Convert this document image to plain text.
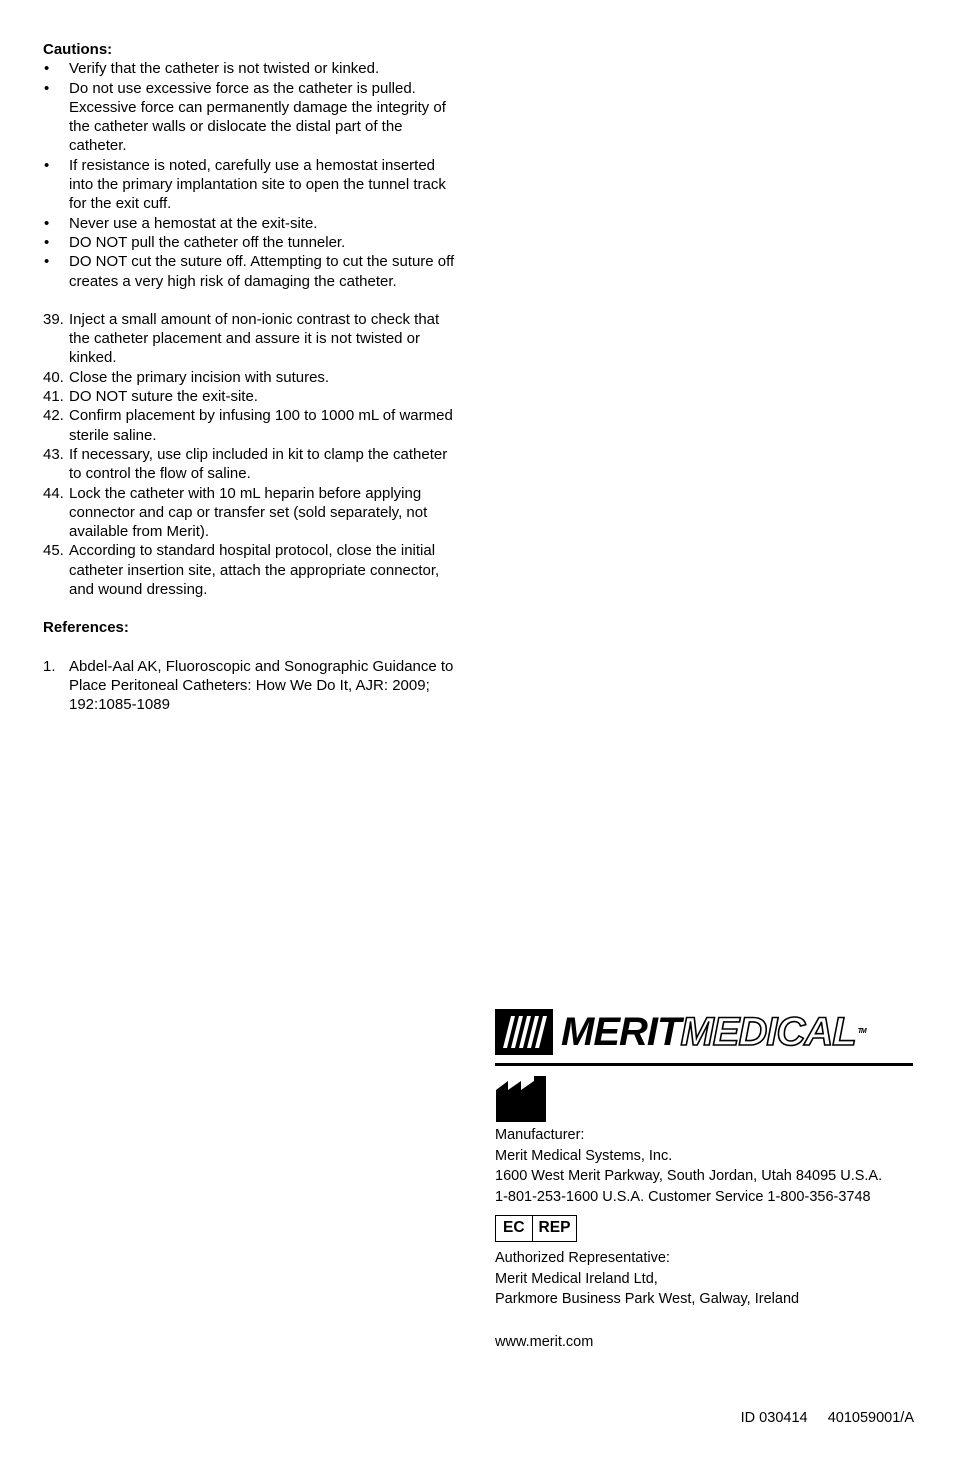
Cautions:

• Verify that the catheter is not twisted or kinked.
• Do not use excessive force as the catheter is pulled. Excessive force can permanently damage the integrity of the catheter walls or dislocate the distal part of the catheter.
• If resistance is noted, carefully use a hemostat inserted into the primary implantation site to open the tunnel track for the exit cuff.
• Never use a hemostat at the exit-site.
• DO NOT pull the catheter off the tunneler.
• DO NOT cut the suture off. Attempting to cut the suture off creates a very high risk of damaging the catheter.
39. Inject a small amount of non-ionic contrast to check that the catheter placement and assure it is not twisted or kinked.
40. Close the primary incision with sutures.
41. DO NOT suture the exit-site.
42. Confirm placement by infusing 100 to 1000 mL of warmed sterile saline.
43. If necessary, use clip included in kit to clamp the catheter to control the flow of saline.
44. Lock the catheter with 10 mL heparin before applying connector and cap or transfer set (sold separately, not available from Merit).
45. According to standard hospital protocol, close the initial catheter insertion site, attach the appropriate connector, and wound dressing.

References:

1. Abdel-Aal AK, Fluoroscopic and Sonographic Guidance to Place Peritoneal Catheters: How We Do It, AJR: 2009; 192:1085-1089
MERITMEDICAL ™
Manufacturer:
Merit Medical Systems, Inc.
1600 West Merit Parkway, South Jordan, Utah 84095 U.S.A.
1-801-253-1600 U.S.A. Customer Service 1-800-356-3748
EC REP
Authorized Representative:
Merit Medical Ireland Ltd,
Parkmore Business Park West, Galway, Ireland
www.merit.com
ID 030414     401059001/A
